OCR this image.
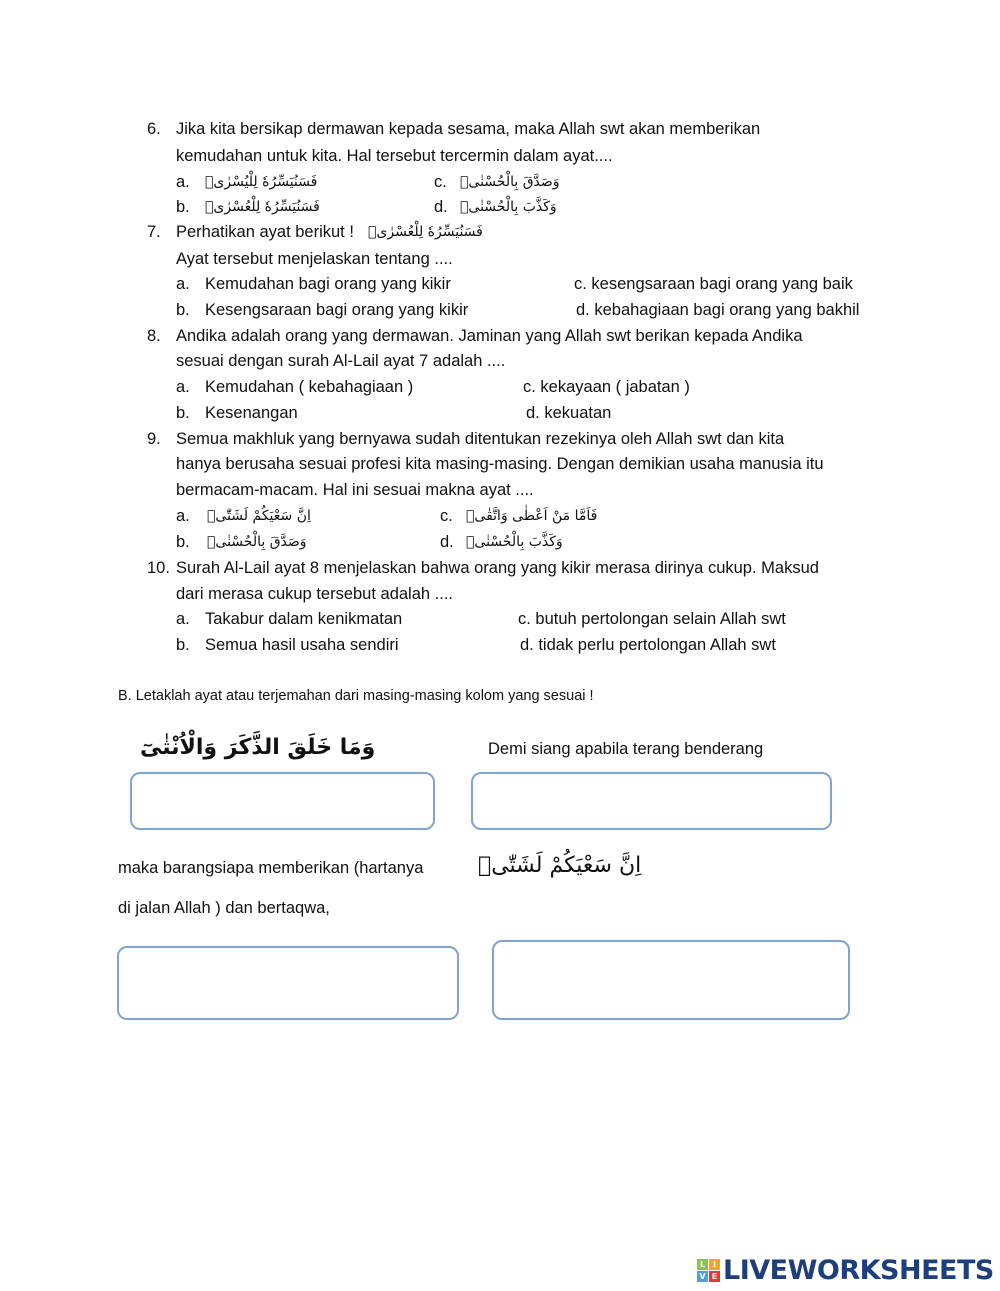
6. Jika kita bersikap dermawan kepada sesama, maka Allah swt akan memberikan
kemudahan untuk kita. Hal tersebut tercermin dalam ayat....
a. فَسَنُيَسِّرُهٗ لِلْيُسْرٰىۗ	c. وَصَدَّقَ بِالْحُسْنٰىۙ
b. فَسَنُيَسِّرُهٗ لِلْعُسْرٰىۗ	d. وَكَذَّبَ بِالْحُسْنٰىۙ
7. Perhatikan ayat berikut ! فَسَنُيَسِّرُهٗ لِلْعُسْرٰىۗ
Ayat tersebut menjelaskan tentang ....
a. Kemudahan bagi orang yang kikir	c. kesengsaraan bagi orang yang baik
b. Kesengsaraan bagi orang yang kikir	d. kebahagiaan bagi orang yang bakhil
8. Andika adalah orang yang dermawan. Jaminan yang Allah swt berikan kepada Andika
sesuai dengan surah Al-Lail ayat 7 adalah ....
a. Kemudahan ( kebahagiaan )	c. kekayaan ( jabatan )
b. Kesenangan	d. kekuatan
9. Semua makhluk yang bernyawa sudah ditentukan rezekinya oleh Allah swt dan kita
hanya berusaha sesuai profesi kita masing-masing. Dengan demikian usaha manusia itu
bermacam-macam. Hal ini sesuai makna ayat ....
a. اِنَّ سَعْيَكُمْ لَشَتّٰىۗ	c. فَاَمَّا مَنْ اَعْطٰى وَاتَّقٰىۙ
b. وَصَدَّقَ بِالْحُسْنٰىۙ	d. وَكَذَّبَ بِالْحُسْنٰىۙ
10. Surah Al-Lail ayat 8 menjelaskan bahwa orang yang kikir merasa dirinya cukup. Maksud
dari merasa cukup tersebut adalah ....
a. Takabur dalam kenikmatan	c. butuh pertolongan selain Allah swt
b. Semua hasil usaha sendiri	d. tidak perlu pertolongan Allah swt
B. Letaklah ayat atau terjemahan dari masing-masing kolom yang sesuai !
وَمَا خَلَقَ الذَّكَرَ وَالْاُنْثٰىٓ	Demi siang apabila terang benderang
maka barangsiapa memberikan (hartanya
di jalan Allah ) dan bertaqwa,
اِنَّ سَعْيَكُمْ لَشَتّٰىۗ
L I
V E LIVEWORKSHEETS
